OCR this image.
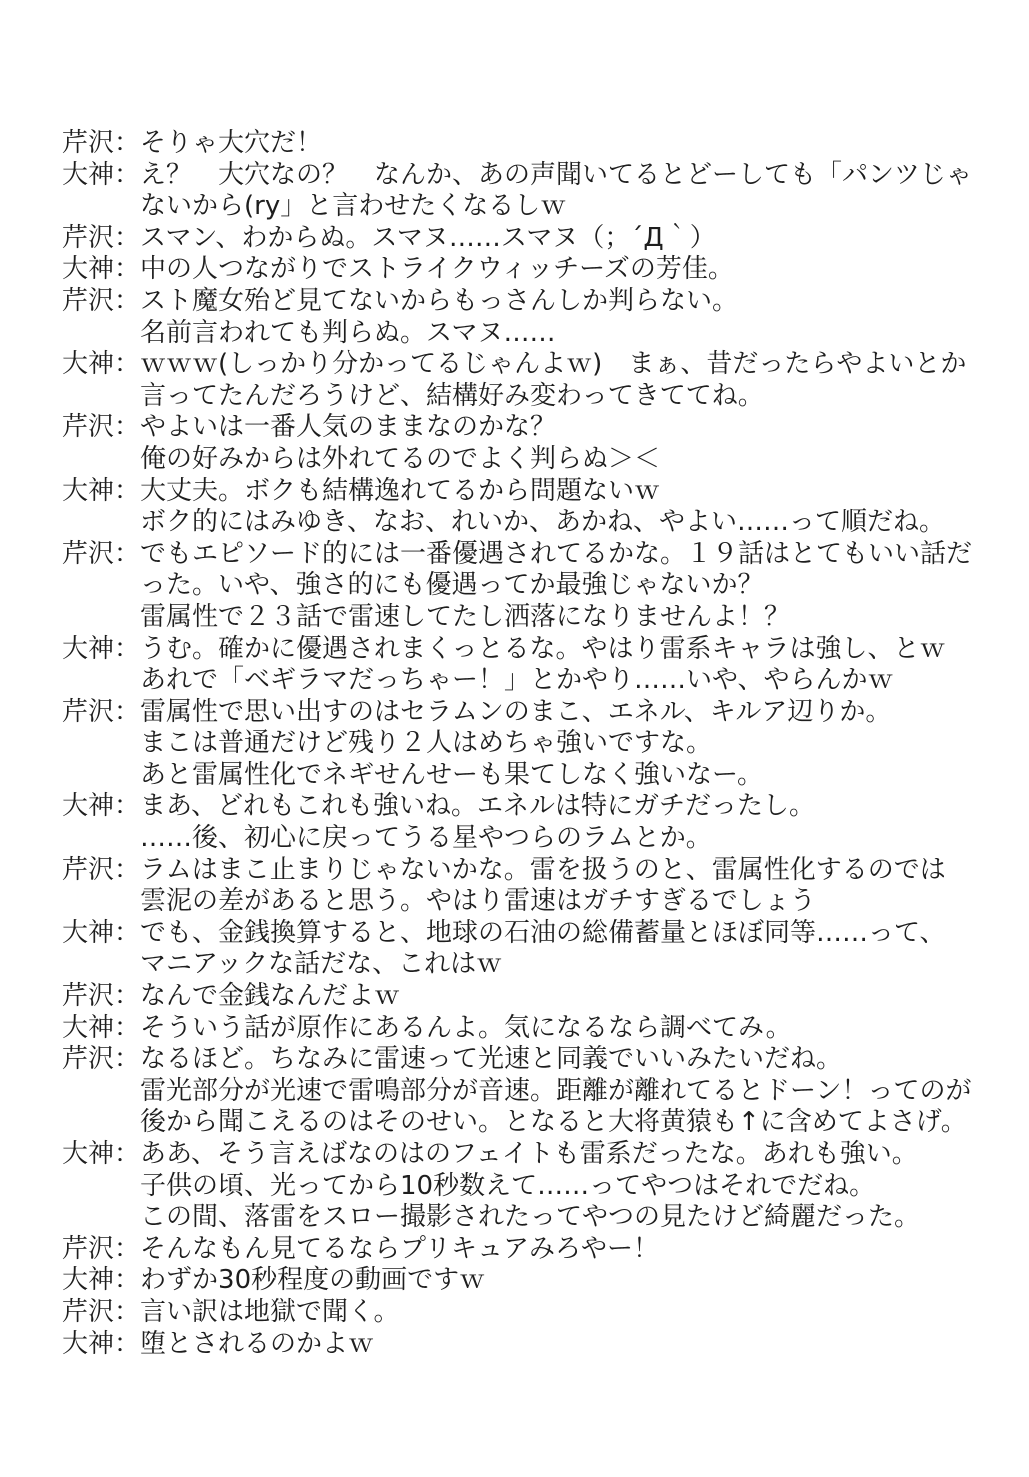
芹沢：そりゃ大穴だ！
大神：え？　大穴なの？　なんか、あの声聞いてるとどーしても「パンツじゃ
ないから(ry」と言わせたくなるしｗ
芹沢：スマン、わからぬ。スマヌ……スマヌ（；´Д｀）
大神：中の人つながりでストライクウィッチーズの芳佳。
芹沢：スト魔女殆ど見てないからもっさんしか判らない。
名前言われても判らぬ。スマヌ……
大神：ｗｗｗ(しっかり分かってるじゃんよｗ)　まぁ、昔だったらやよいとか
言ってたんだろうけど、結構好み変わってきててね。
芹沢：やよいは一番人気のままなのかな？
俺の好みからは外れてるのでよく判らぬ＞＜
大神：大丈夫。ボクも結構逸れてるから問題ないｗ
ボク的にはみゆき、なお、れいか、あかね、やよい……って順だね。
芹沢：でもエピソード的には一番優遇されてるかな。１９話はとてもいい話だ
った。いや、強さ的にも優遇ってか最強じゃないか？
雷属性で２３話で雷速してたし洒落になりませんよ！？
大神：うむ。確かに優遇されまくっとるな。やはり雷系キャラは強し、とｗ
あれで「ベギラマだっちゃー！」とかやり……いや、やらんかｗ
芹沢：雷属性で思い出すのはセラムンのまこ、エネル、キルア辺りか。
まこは普通だけど残り２人はめちゃ強いですな。
あと雷属性化でネギせんせーも果てしなく強いなー。
大神：まあ、どれもこれも強いね。エネルは特にガチだったし。
……後、初心に戻ってうる星やつらのラムとか。
芹沢：ラムはまこ止まりじゃないかな。雷を扱うのと、雷属性化するのでは
雲泥の差があると思う。やはり雷速はガチすぎるでしょう
大神：でも、金銭換算すると、地球の石油の総備蓄量とほぼ同等……って、
マニアックな話だな、これはｗ
芹沢：なんで金銭なんだよｗ
大神：そういう話が原作にあるんよ。気になるなら調べてみ。
芹沢：なるほど。ちなみに雷速って光速と同義でいいみたいだね。
雷光部分が光速で雷鳴部分が音速。距離が離れてるとドーン！ってのが
後から聞こえるのはそのせい。となると大将黄猿も↑に含めてよさげ。
大神：ああ、そう言えばなのはのフェイトも雷系だったな。あれも強い。
子供の頃、光ってから10秒数えて……ってやつはそれでだね。
この間、落雷をスロー撮影されたってやつの見たけど綺麗だった。
芹沢：そんなもん見てるならプリキュアみろやー！
大神：わずか30秒程度の動画ですｗ
芹沢：言い訳は地獄で聞く。
大神：堕とされるのかよｗ
